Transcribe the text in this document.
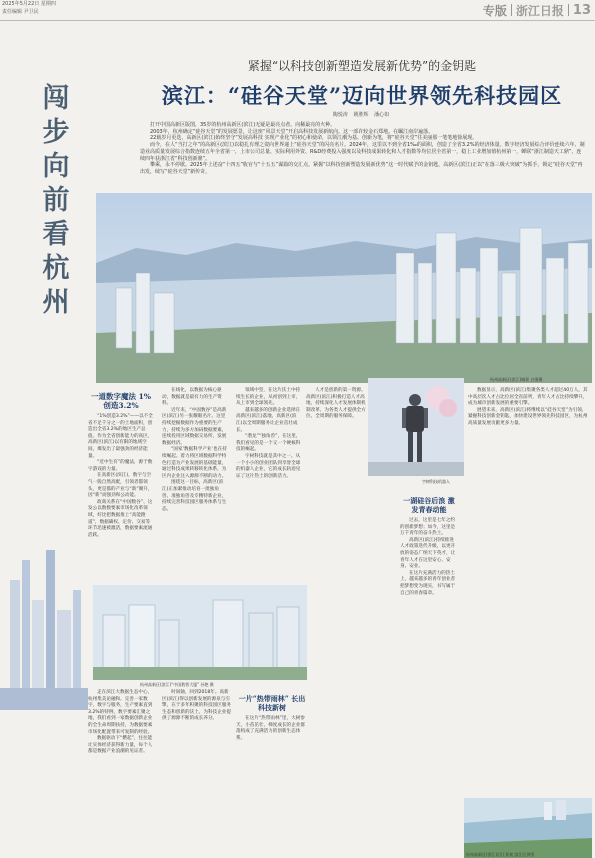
2025年5月22日 星期四
责任编辑 尹卫民	专版 浙江日报 13
闯步向前看杭州
紧握“以科技创新塑造发展新优势”的金钥匙
滨江：“硅谷天堂”迈向世界领先科技园区
陶悦涛 姚胜辉 潘心如

打开中国高新区版图，35岁的杭州高新区(滨江)无疑是最亮点者。向稀最亮的火种。

2003年，杭州确定“硅谷天堂”的发展愿景，让这座“风景天堂”开启高科技发展新航向。这一部许较金石郑地。在瞩江南岸遍落。

22载岁月更迭，高新区(滨江)始终坚守“发展高科技 实现产业化”的初心和使命，以领江潮为基、创新为笔，将“硅谷天堂”往美丽那一笔笔地徐展现。

而今，在人“当打之年”的高新区(滨江)以稳扎有理之姿向世界递上“硅谷天堂”的闪亮名片。2024年，这里以不到全省1‰的面积，创造了全省3.2%的经济体量。数字经济发展综合评价连续六年、制造业高质量发展综合指数连续五年全省第一，上市公司总量、实际利用外资、R&D经费投入强度以及科技成果转化和人才指数等均位居全省第一，稳上工业增加值杭州第一，蝉联“浙江制造天工鼎”，连续四年获浙江省“科技创新鼎”。

攀乘，永不停歇。2025年上述奋“十四五”收官与“十五五”谋篇的交汇点，紧握“以科技创新塑造发展新优势”这一时代赋予的金钥匙，高新区(滨江)正以“在落三极大突破”为抓手，锁定“硅谷天堂”再出发，续写“硅谷天堂”新传奇。

杭州高新区(滨江)城景 白强摄
一道数字魔法 1%创造3.2%

“1%创造3.2%”——以不全省不足千分之一的土地面积，创造出全省3.2%的地区生产总值。作为全省创新能力的高区，高新区(滨江)以有限的地域空间，爆发出了最强劲的经济能量。

“近中生有”的魔法，源于数字游戏的力量。

在高新区(滨江)，数字与空气一般自然高配，引领者都领头，更是都的产业与“新”聚升，因“新”而强劲和公动能。

政商关系在“中国数谷”、这发公以数数要素市场化改革领域，好比把数据推上“高能跑道”，数据确权、定价、交易等环节迅速被激活，数据要素流通活跃。

在线化，以数据为核心驱动，数据就是最有力的生产资料。

近年来，“中国数谷”是高新区(滨江)另一张耀眼名片。这里持续挖掘数据作为重要的生产力，持续为多方加码数据要素，连续投用区域数据交易所，发展数据经济。

“国家‘数据科学产业’也在持续崛起。着力将区域数据科学特色打造为产业发展的基础能量，通过科技成果转移转化体系，为区内企业注入源源不断的动力。

围绕这一目标，高新区(滨江)正加紧推动培育一批独角兽、准独角兽及专精特新企业，持续完善科技园区服务体系与生态。

领域中坚，在这片沃土中持续生长的企业，从初创到上市，从上市到全球领先。

越来越多的创新企业选择在高新区(滨江)落地，高新区(滨江)以全周期服务让企业茁壮成长。

“潜龙”“独角兽”，在这里，我们看见的是一个又一个硬核科技的崛起。

宇树科技就是其中之一。从一个小小的创业团队到享誉全球的机器人企业，它的成长轨迹见证了这片热土的创新活力。

人才是创新的第一资源。高新区(滨江)积极打造人才高地，持续深化人才发展体制机制改革，为各类人才提供全方位、全周期的服务保障。

宇树科技机器人
一湖硅谷后浪 激发青春动能

过去，这里是七年之约的创新梦想；如今，这里是万千青年的奋斗热土。

高新区(滨江)持续推进人才政策迭代升级，以更开放的姿态广纳天下英才，让青年人才在这里安心、安身、安业。

在这片充满活力的热土上，越来越多的青年创业者把梦想变为现实，书写属于自己的青春篇章。

数据显示，高新区(滨江)集聚各类人才超过40万人，其中高层次人才占比位居全省前列，青年人才占比持续攀升，成为城市创新发展的重要引擎。

展望未来，高新区(滨江)将继续以“硅谷天堂”为引领，紧握科技创新金钥匙，加快建设世界领先科技园区，为杭州高质量发展贡献更多力量。

杭州高新区(滨江)“中国数智大厦” 孙艳 摄

走在滨江大数据生态中心，杭州集美论融和。完善一家数字，数字与服务，生产要素直到3.2%的特例，数字要素汇聚之地，我们看到一家数据创新企业的全生命周期扶持，为数据要素市场化配置带来可复制的经验。

数据驱动下“燃起”，往往能让实体经济获得新力量，每个人都是数据产业浪潮的见证者。

时间轴，回到2018年。高新区(滨江)得以创新发展的源泉与引擎，在于多年积聚的科技园区服务生态和创新的沃土，为科技企业提供了源源不断的成长养分。

一片“热带雨林” 长出科技新树

在这片“热带雨林”里，大树参天，小苗茁壮，梯度成长的企业群落构成了充满活力的创新生态体系。

杭州高新区(滨江)沿江景观 滨江区供图
